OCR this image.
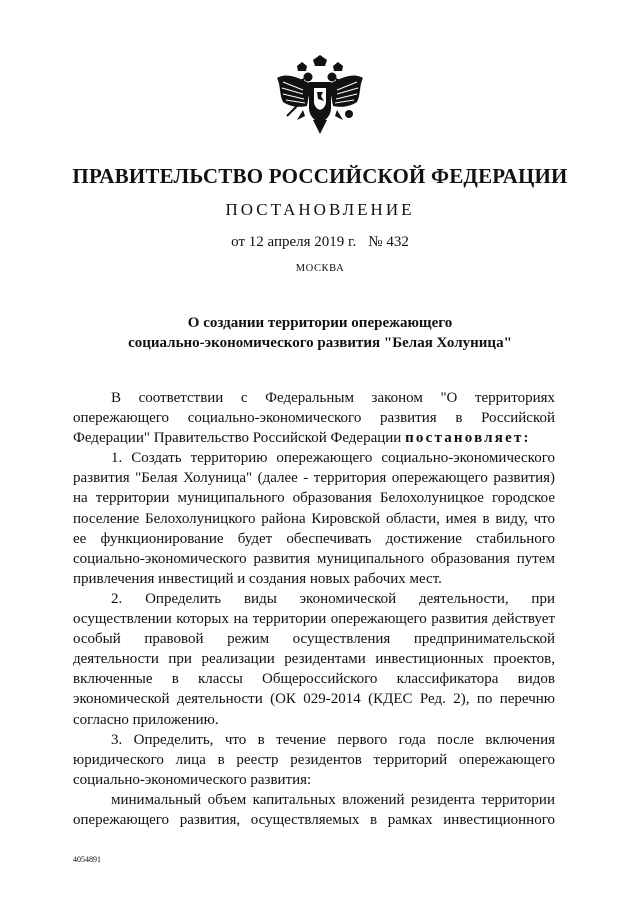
ПРАВИТЕЛЬСТВО РОССИЙСКОЙ ФЕДЕРАЦИИ
ПОСТАНОВЛЕНИЕ
от 12 апреля 2019 г. № 432
МОСКВА
О создании территории опережающего
социально-экономического развития "Белая Холуница"

В соответствии с Федеральным законом "О территориях опережающего социально-экономического развития в Российской Федерации" Правительство Российской Федерации постановляет:

1. Создать территорию опережающего социально-экономического развития "Белая Холуница" (далее - территория опережающего развития) на территории муниципального образования Белохолуницкое городское поселение Белохолуницкого района Кировской области, имея в виду, что ее функционирование будет обеспечивать достижение стабильного социально-экономического развития муниципального образования путем привлечения инвестиций и создания новых рабочих мест.

2. Определить виды экономической деятельности, при осуществлении которых на территории опережающего развития действует особый правовой режим осуществления предпринимательской деятельности при реализации резидентами инвестиционных проектов, включенные в классы Общероссийского классификатора видов экономической деятельности (ОК 029-2014 (КДЕС Ред. 2), по перечню согласно приложению.

3. Определить, что в течение первого года после включения юридического лица в реестр резидентов территорий опережающего социально-экономического развития:

минимальный объем капитальных вложений резидента территории опережающего развития, осуществляемых в рамках инвестиционного

4054891
